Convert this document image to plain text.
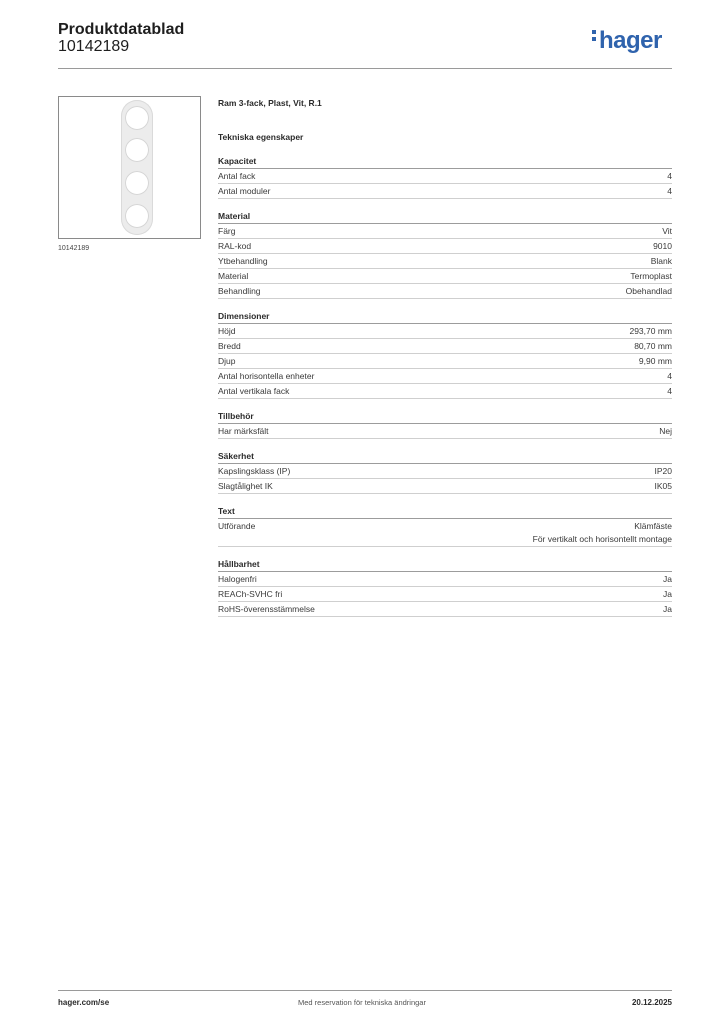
Produktdatablad
10142189	hager
10142189
Ram 3-fack, Plast, Vit, R.1
Tekniska egenskaper
Kapacitet
Antal fack	4
Antal moduler	4
Material
Färg	Vit
RAL-kod	9010
Ytbehandling	Blank
Material	Termoplast
Behandling	Obehandlad
Dimensioner
Höjd	293,70 mm
Bredd	80,70 mm
Djup	9,90 mm
Antal horisontella enheter	4
Antal vertikala fack	4
Tillbehör
Har märksfält	Nej
Säkerhet
Kapslingsklass (IP)	IP20
Slagtålighet IK	IK05
Text
Utförande	Klämfäste
För vertikalt och horisontellt montage
Hållbarhet
Halogenfri	Ja
REACh-SVHC fri	Ja
RoHS-överensstämmelse	Ja
hager.com/se	Med reservation för tekniska ändringar	20.12.2025
